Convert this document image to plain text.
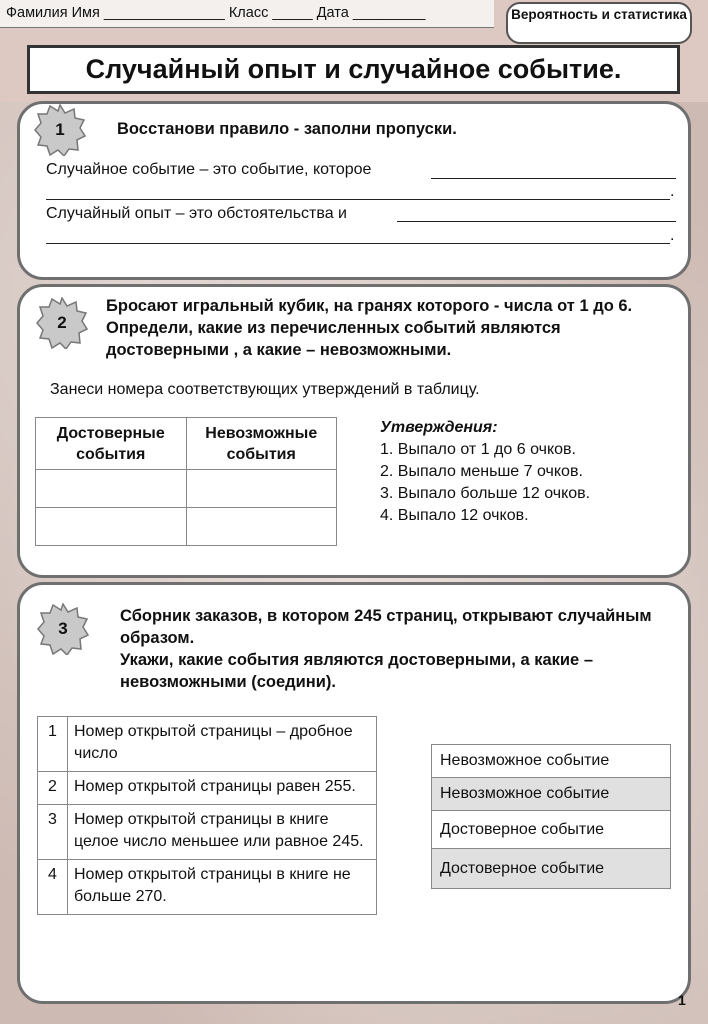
Фамилия Имя _______________ Класс _____ Дата _________	Вероятность и статистика
Случайный опыт и случайное событие.
1	Восстанови правило - заполни пропуски.
Случайное событие – это событие, которое
.
Случайный опыт – это обстоятельства и
.
2
Бросают игральный кубик, на гранях которого - числа от 1 до 6. Определи, какие из перечисленных событий являются достоверными , а какие – невозможными.
Занеси номера соответствующих утверждений в таблицу.
Достоверные события	Невозможные события

Утверждения:
1. Выпало от 1 до 6 очков.
2. Выпало меньше 7 очков.
3. Выпало больше 12 очков.
4. Выпало 12 очков.
3
Сборник заказов, в котором 245 страниц, открывают случайным образом.
Укажи, какие события являются достоверными, а какие – невозможными (соедини).
1	Номер открытой страницы – дробное число
2	Номер открытой страницы равен 255.
3	Номер открытой страницы в книге целое число меньшее или равное 245.
4	Номер открытой страницы в книге не больше 270.
Невозможное событие
Невозможное событие
Достоверное событие
Достоверное событие
1
